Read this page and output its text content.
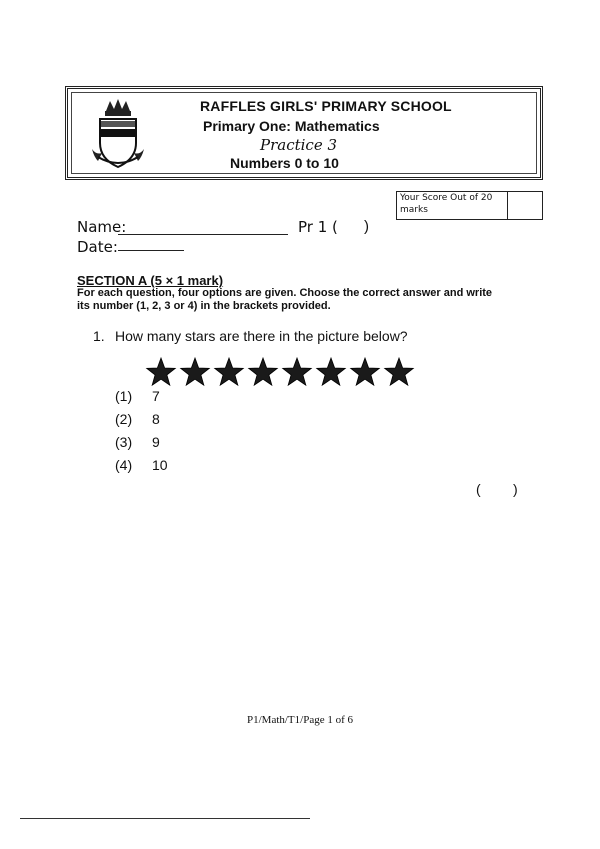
RAFFLES GIRLS' PRIMARY SCHOOL
Primary One: Mathematics
Practice 3
Numbers 0 to 10
Your Score Out of 20 marks
Name:	Pr 1 ( )
Date:
SECTION A (5 × 1 mark)
For each question, four options are given. Choose the correct answer and write its number (1, 2, 3 or 4) in the brackets provided.
1. How many stars are there in the picture below?
(1) 7
(2) 8
(3) 9
(4) 10
( )
P1/Math/T1/Page 1 of 6
